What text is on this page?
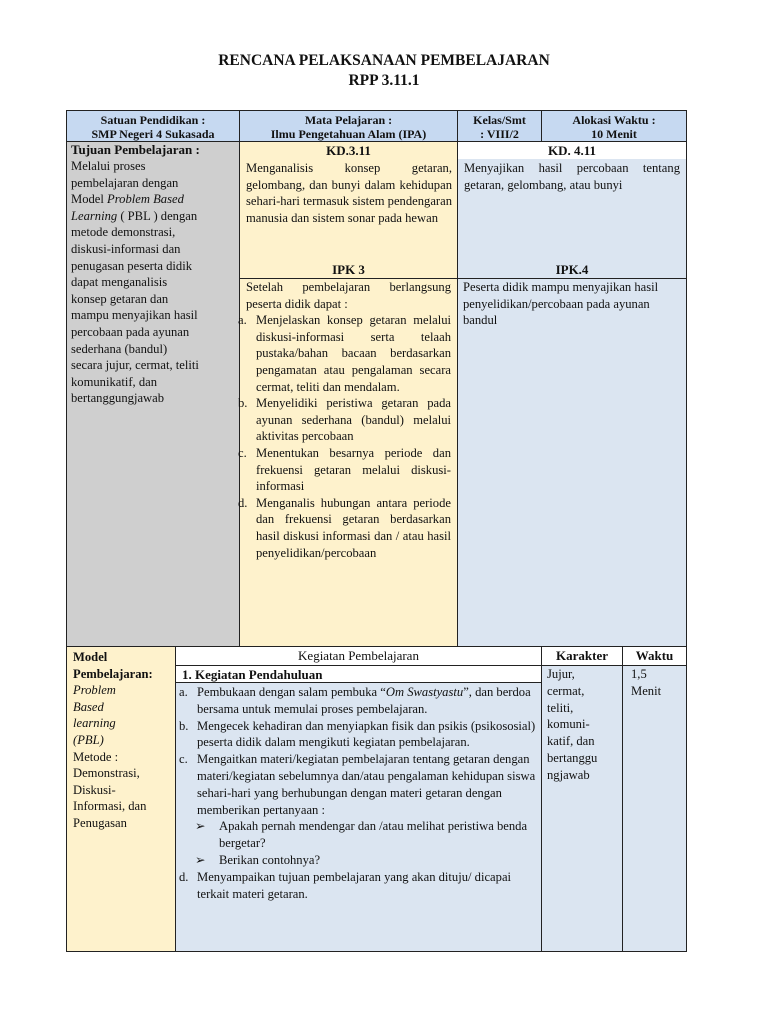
RENCANA PELAKSANAAN PEMBELAJARAN
RPP 3.11.1
Satuan Pendidikan :
SMP Negeri 4 Sukasada
Mata Pelajaran :
Ilmu Pengetahuan Alam (IPA)
Kelas/Smt
: VIII/2
Alokasi Waktu :
10 Menit
Tujuan Pembelajaran :
Melalui proses
pembelajaran dengan
Model Problem Based
Learning ( PBL ) dengan
metode demonstrasi,
diskusi-informasi dan
penugasan peserta didik
dapat menganalisis
konsep getaran dan
mampu menyajikan hasil
percobaan pada ayunan
sederhana (bandul)
secara jujur, cermat, teliti
komunikatif, dan
bertanggungjawab
KD.3.11
Menganalisis konsep getaran, gelombang, dan bunyi dalam kehidupan sehari-hari termasuk sistem pendengaran manusia dan sistem sonar pada hewan
IPK 3
Setelah pembelajaran berlangsung peserta didik dapat :
a. Menjelaskan konsep getaran melalui diskusi-informasi serta telaah pustaka/bahan bacaan berdasarkan pengamatan atau pengalaman secara cermat, teliti dan mendalam.
b. Menyelidiki peristiwa getaran pada ayunan sederhana (bandul) melalui aktivitas percobaan
c. Menentukan besarnya periode dan frekuensi getaran melalui diskusi-informasi
d. Menganalis hubungan antara periode dan frekuensi getaran berdasarkan hasil diskusi informasi dan / atau hasil penyelidikan/percobaan
KD. 4.11
Menyajikan hasil percobaan tentang getaran, gelombang, atau bunyi
IPK.4
Peserta didik mampu menyajikan hasil penyelidikan/percobaan pada ayunan bandul
Model
Pembelajaran:
Problem
Based
learning
(PBL)
Metode :
Demonstrasi,
Diskusi-
Informasi, dan
Penugasan
Kegiatan Pembelajaran	Karakter	Waktu
1. Kegiatan Pendahuluan
a. Pembukaan dengan salam pembuka “Om Swastyastu”, dan berdoa bersama untuk memulai proses pembelajaran.
b. Mengecek kehadiran dan menyiapkan fisik dan psikis (psikososial) peserta didik dalam mengikuti kegiatan pembelajaran.
c. Mengaitkan materi/kegiatan pembelajaran tentang getaran dengan materi/kegiatan sebelumnya dan/atau pengalaman kehidupan siswa sehari-hari yang berhubungan dengan materi getaran dengan memberikan pertanyaan :
➢ Apakah pernah mendengar dan /atau melihat peristiwa benda bergetar?
➢ Berikan contohnya?
d. Menyampaikan tujuan pembelajaran yang akan dituju/ dicapai terkait materi getaran.
Jujur,
cermat,
teliti,
komuni-
katif, dan
bertanggu
ngjawab
1,5
Menit
